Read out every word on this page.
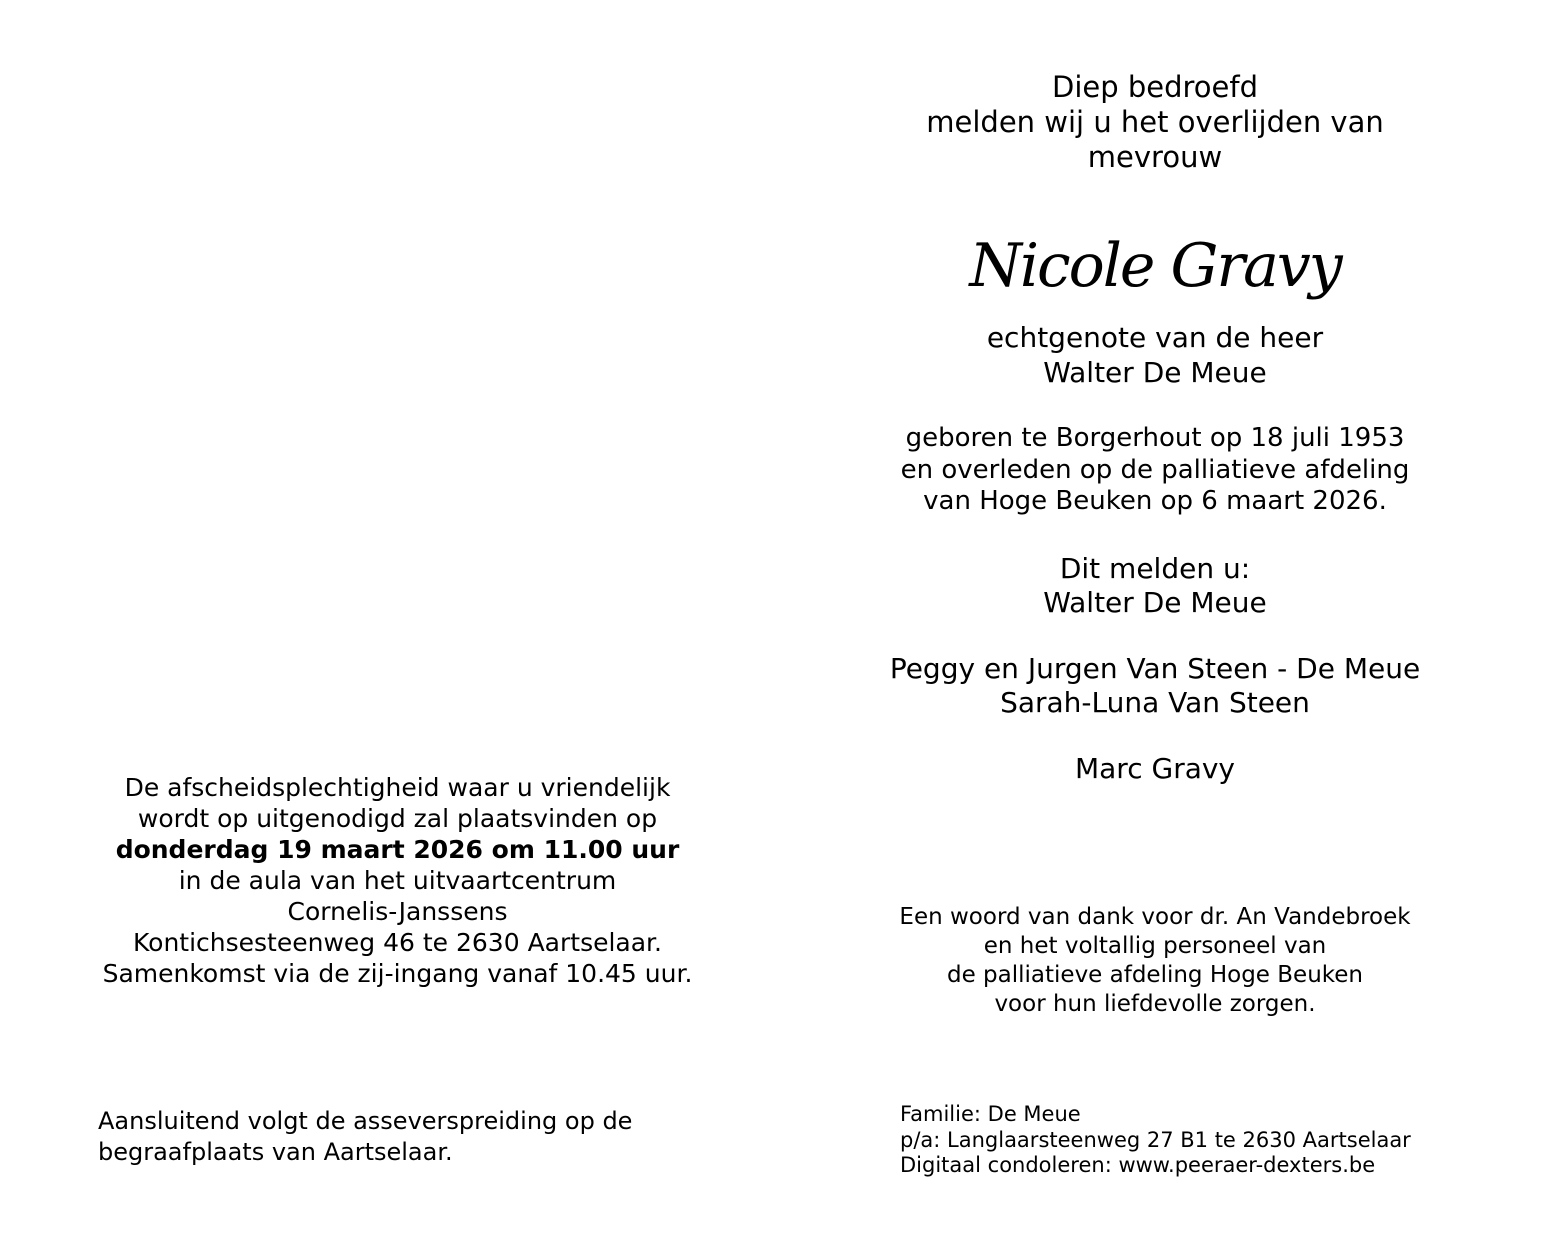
Diep bedroefd
melden wij u het overlijden van
mevrouw
Nicole Gravy
echtgenote van de heer
Walter De Meue
geboren te Borgerhout op 18 juli 1953
en overleden op de palliatieve afdeling
van Hoge Beuken op 6 maart 2026.
Dit melden u:
Walter De Meue
Peggy en Jurgen Van Steen - De Meue
Sarah-Luna Van Steen
Marc Gravy
Een woord van dank voor dr. An Vandebroek
en het voltallig personeel van
de palliatieve afdeling Hoge Beuken
voor hun liefdevolle zorgen.
Familie: De Meue
p/a: Langlaarsteenweg 27 B1 te 2630 Aartselaar
Digitaal condoleren: www.peeraer-dexters.be
De afscheidsplechtigheid waar u vriendelijk
wordt op uitgenodigd zal plaatsvinden op
donderdag 19 maart 2026 om 11.00 uur
in de aula van het uitvaartcentrum
Cornelis-Janssens
Kontichsesteenweg 46 te 2630 Aartselaar.
Samenkomst via de zij-ingang vanaf 10.45 uur.
Aansluitend volgt de asseverspreiding op de
begraafplaats van Aartselaar.
